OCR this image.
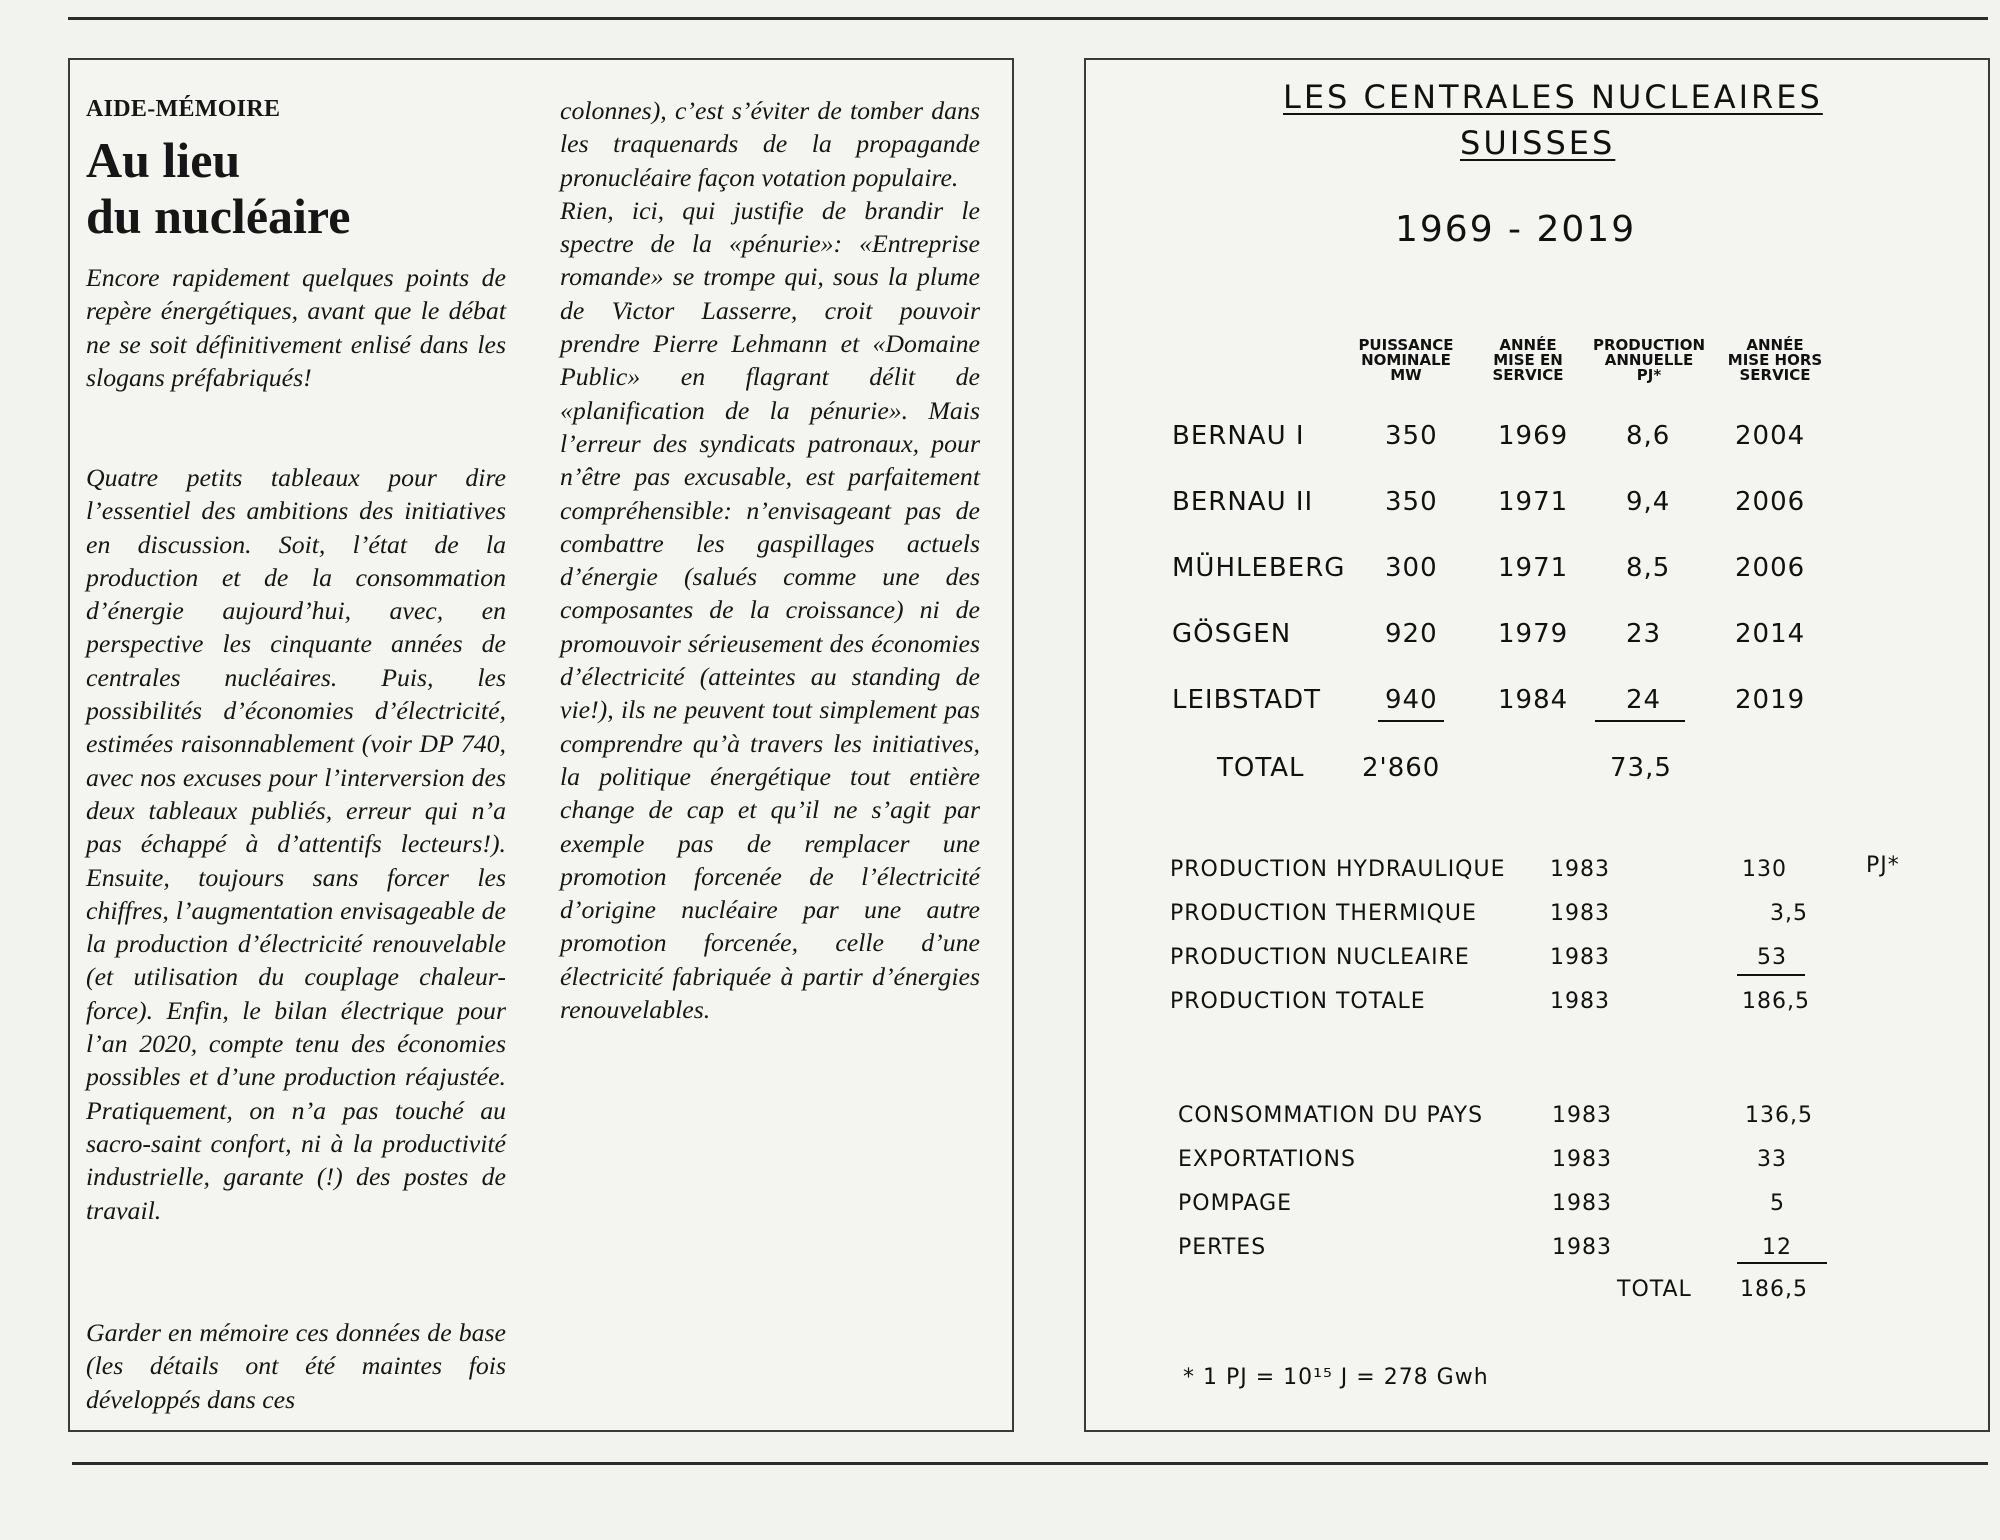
AIDE-MÉMOIRE
Au lieu
du nucléaire

Encore rapidement quelques points de repère énergétiques, avant que le débat ne se soit définitivement enlisé dans les slogans préfabriqués!

Quatre petits tableaux pour dire l’essentiel des ambitions des initiatives en discussion. Soit, l’état de la production et de la consommation d’énergie aujourd’hui, avec, en perspective les cinquante années de centrales nucléaires. Puis, les possibilités d’économies d’électricité, estimées raisonnablement (voir DP 740, avec nos excuses pour l’interversion des deux tableaux publiés, erreur qui n’a pas échappé à d’attentifs lecteurs!). Ensuite, toujours sans forcer les chiffres, l’augmentation envisageable de la production d’électricité renouvelable (et utilisation du couplage chaleur-force). Enfin, le bilan électrique pour l’an 2020, compte tenu des économies possibles et d’une production réajustée. Pratiquement, on n’a pas touché au sacro-saint confort, ni à la productivité industrielle, garante (!) des postes de travail.

Garder en mémoire ces données de base (les détails ont été maintes fois développés dans ces

colonnes), c’est s’éviter de tomber dans les traquenards de la propagande pronucléaire façon votation populaire.
Rien, ici, qui justifie de brandir le spectre de la «pénurie»: «Entreprise romande» se trompe qui, sous la plume de Victor Lasserre, croit pouvoir prendre Pierre Lehmann et «Domaine Public» en flagrant délit de «planification de la pénurie». Mais l’erreur des syndicats patronaux, pour n’être pas excusable, est parfaitement compréhensible: n’envisageant pas de combattre les gaspillages actuels d’énergie (salués comme une des composantes de la croissance) ni de promouvoir sérieusement des économies d’électricité (atteintes au standing de vie!), ils ne peuvent tout simplement pas comprendre qu’à travers les initiatives, la politique énergétique tout entière change de cap et qu’il ne s’agit par exemple pas de remplacer une promotion forcenée de l’électricité d’origine nucléaire par une autre promotion forcenée, celle d’une électricité fabriquée à partir d’énergies renouvelables.
LES CENTRALES NUCLEAIRES
SUISSES
1969 - 2019
PUISSANCE
NOMINALE
MW
ANNÉE
MISE EN
SERVICE
PRODUCTION
ANNUELLE
PJ*
ANNÉE
MISE HORS
SERVICE
BERNAU I	350 1969 8,6 2004
BERNAU II	350 1971 9,4 2006
MÜHLEBERG 300 1971 8,5 2006
GÖSGEN	920 1979 23	2014
LEIBSTADT 940 1984 24	2019
TOTAL 2'860	73,5
PRODUCTION HYDRAULIQUE 1983	130	PJ*
PRODUCTION THERMIQUE	1983	3,5
PRODUCTION NUCLEAIRE	1983	53
PRODUCTION TOTALE	1983	186,5
CONSOMMATION DU PAYS	1983	136,5
EXPORTATIONS	1983	33
POMPAGE	1983	5
PERTES	1983	12
TOTAL 186,5
* 1 PJ = 10¹⁵ J = 278 Gwh
